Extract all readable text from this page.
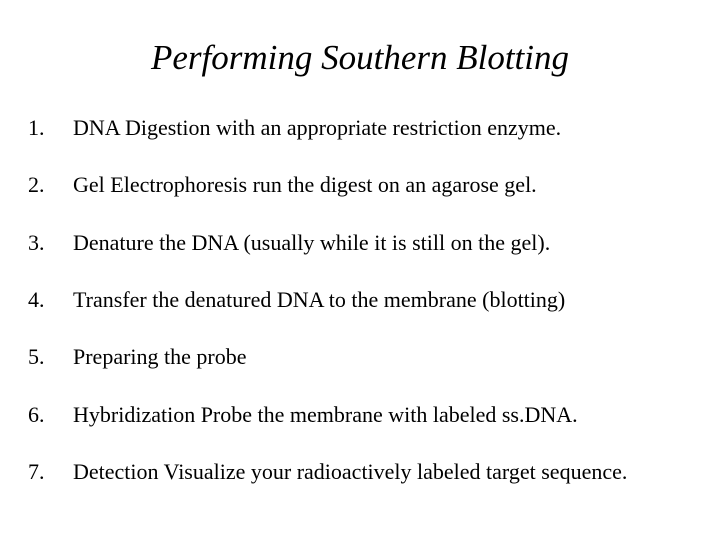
Performing Southern Blotting
1.	DNA Digestion with an appropriate restriction enzyme.
2.	Gel Electrophoresis run the digest on an agarose gel.
3.	Denature the DNA (usually while it is still on the gel).
4.	Transfer the denatured DNA to the membrane (blotting)
5.	Preparing the probe
6.	Hybridization Probe the membrane with labeled ss.DNA.
7.	Detection Visualize your radioactively labeled target sequence.
